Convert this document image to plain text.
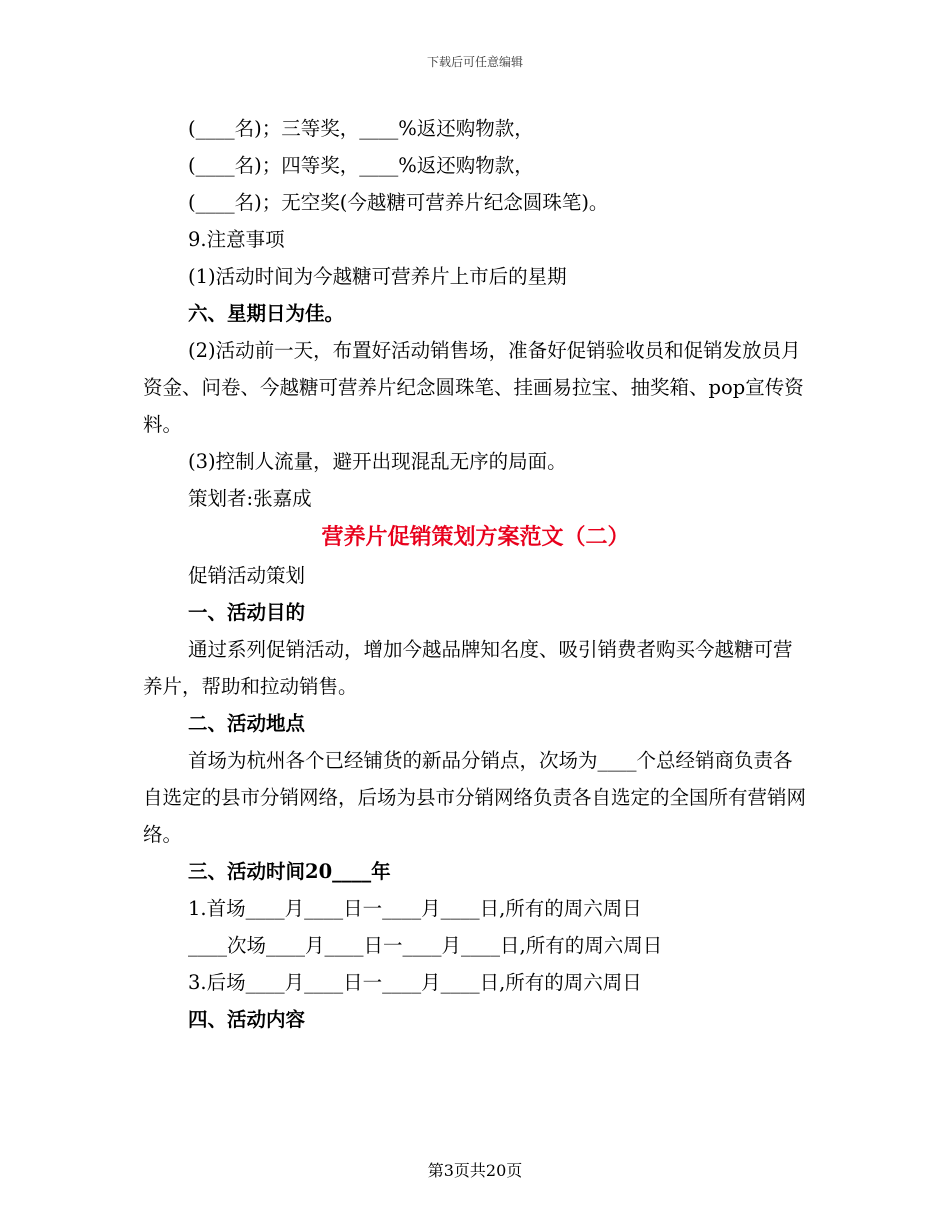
下载后可任意编辑

(____名)；三等奖，____%返还购物款，

(____名)；四等奖，____%返还购物款，

(____名)；无空奖(今越糖可营养片纪念圆珠笔)。

9.注意事项

(1)活动时间为今越糖可营养片上市后的星期

六、星期日为佳。

(2)活动前一天，布置好活动销售场，准备好促销验收员和促销发放员月资金、问卷、今越糖可营养片纪念圆珠笔、挂画易拉宝、抽奖箱、pop宣传资料。

(3)控制人流量，避开出现混乱无序的局面。

策划者:张嘉成

营养片促销策划方案范文（二）

促销活动策划

一、活动目的

通过系列促销活动，增加今越品牌知名度、吸引销费者购买今越糖可营养片，帮助和拉动销售。

二、活动地点

首场为杭州各个已经铺货的新品分销点，次场为____个总经销商负责各自选定的县市分销网络，后场为县市分销网络负责各自选定的全国所有营销网络。

三、活动时间20____年

1.首场____月____日一____月____日,所有的周六周日

____次场____月____日一____月____日,所有的周六周日

3.后场____月____日一____月____日,所有的周六周日

四、活动内容

第3页共20页
